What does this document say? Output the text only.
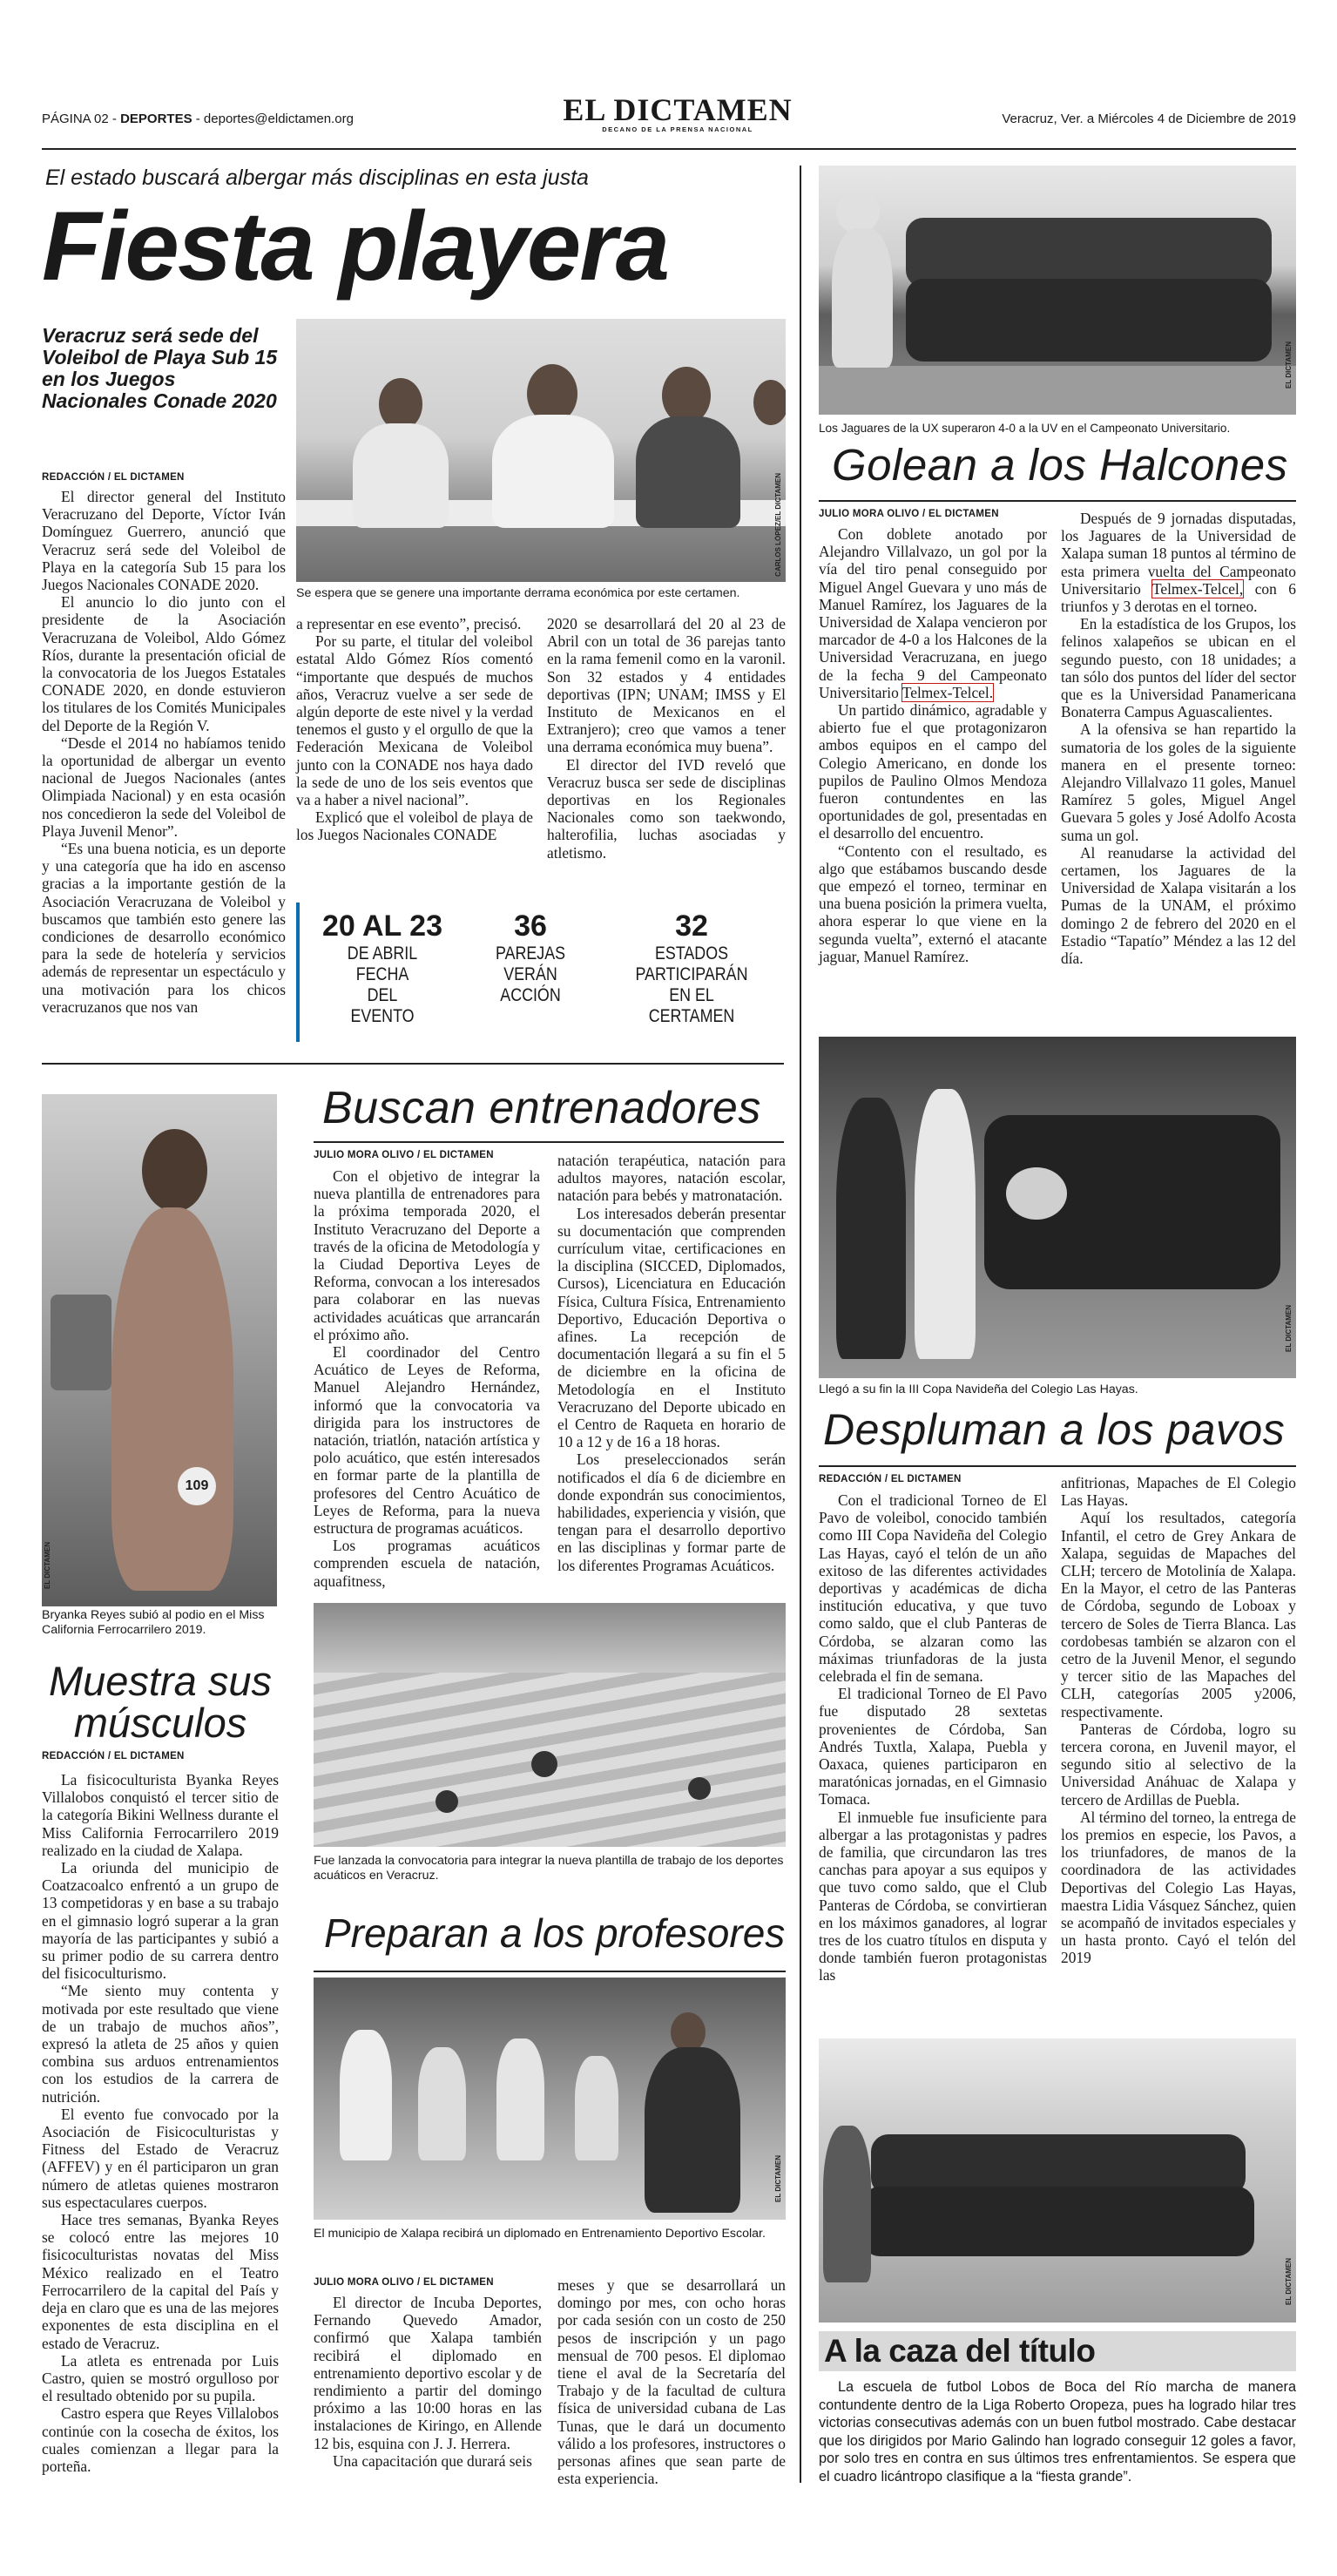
PÁGINA 02 - DEPORTES - deportes@eldictamen.org	EL DICTAMEN
DECANO DE LA PRENSA NACIONAL
Veracruz, Ver. a Miércoles 4 de Diciembre de 2019
El estado buscará albergar más disciplinas en esta justa
Fiesta playera
Veracruz será sede del Voleibol de Playa Sub 15 en los Juegos Nacionales Conade 2020
REDACCIÓN / EL DICTAMEN	CARLOS LÓPEZ/EL DICTAMEN
Se espera que se genere una importante derrama económica por este certamen.

El director general del Instituto Veracruzano del Deporte, Víctor Iván Domínguez Guerrero, anunció que Veracruz será sede del Voleibol de Playa en la categoría Sub 15 para los Juegos Nacionales CONADE 2020.

El anuncio lo dio junto con el presidente de la Asociación Veracruzana de Voleibol, Aldo Gómez Ríos, durante la presentación oficial de la convocatoria de los Juegos Estatales CONADE 2020, en donde estuvieron los titulares de los Comités Municipales del Deporte de la Región V.

“Desde el 2014 no habíamos tenido la oportunidad de albergar un evento nacional de Juegos Nacionales (antes Olimpiada Nacional) y en esta ocasión nos concedieron la sede del Voleibol de Playa Juvenil Menor”.

“Es una buena noticia, es un deporte y una categoría que ha ido en ascenso gracias a la importante gestión de la Asociación Veracruzana de Voleibol y buscamos que también esto genere las condiciones de desarrollo económico para la sede de hotelería y servicios además de representar un espectáculo y una motivación para los chicos veracruzanos que nos van

a representar en ese evento”, precisó.

Por su parte, el titular del voleibol estatal Aldo Gómez Ríos comentó “importante que después de muchos años, Veracruz vuelve a ser sede de algún deporte de este nivel y la verdad tenemos el gusto y el orgullo de que la Federación Mexicana de Voleibol junto con la CONADE nos haya dado la sede de uno de los seis eventos que va a haber a nivel nacional”.

Explicó que el voleibol de playa de los Juegos Nacionales CONADE

2020 se desarrollará del 20 al 23 de Abril con un total de 36 parejas tanto en la rama femenil como en la varonil. Son 32 estados y 4 entidades deportivas (IPN; UNAM; IMSS y El Instituto de Mexicanos en el Extranjero); creo que vamos a tener una derrama económica muy buena”.

El director del IVD reveló que Veracruz busca ser sede de disciplinas deportivas en los Regionales Nacionales como son taekwondo, halterofilia, luchas asociadas y atletismo.

20 AL 23
DE ABRIL FECHA DEL EVENTO
36
PAREJAS VERÁN ACCIÓN
32
ESTADOS PARTICIPARÁN EN EL CERTAMEN
EL DICTAMEN
Los Jaguares de la UX superaron 4-0 a la UV en el Campeonato Universitario.
Golean a los Halcones
JULIO MORA OLIVO / EL DICTAMEN

Con doblete anotado por Alejandro Villalvazo, un gol por la vía del tiro penal conseguido por Miguel Angel Guevara y uno más de Manuel Ramírez, los Jaguares de la Universidad de Xalapa vencieron por marcador de 4-0 a los Halcones de la Universidad Veracruzana, en juego de la fecha 9 del Campeonato Universitario Telmex-Telcel.

Un partido dinámico, agradable y abierto fue el que protagonizaron ambos equipos en el campo del Colegio Americano, en donde los pupilos de Paulino Olmos Mendoza fueron contundentes en las oportunidades de gol, presentadas en el desarrollo del encuentro.

“Contento con el resultado, es algo que estábamos buscando desde que empezó el torneo, terminar en una buena posición la primera vuelta, ahora esperar lo que viene en la segunda vuelta”, externó el atacante jaguar, Manuel Ramírez.

Después de 9 jornadas disputadas, los Jaguares de la Universidad de Xalapa suman 18 puntos al término de esta primera vuelta del Campeonato Universitario Telmex-Telcel, con 6 triunfos y 3 derotas en el torneo.

En la estadística de los Grupos, los felinos xalapeños se ubican en el segundo puesto, con 18 unidades; a tan sólo dos puntos del líder del sector que es la Universidad Panamericana Bonaterra Campus Aguascalientes.

A la ofensiva se han repartido la sumatoria de los goles de la siguiente manera en el presente torneo: Alejandro Villalvazo 11 goles, Manuel Ramírez 5 goles, Miguel Angel Guevara 5 goles y José Adolfo Acosta suma un gol.

Al reanudarse la actividad del certamen, los Jaguares de la Universidad de Xalapa visitarán a los Pumas de la UNAM, el próximo domingo 2 de febrero del 2020 en el Estadio “Tapatío” Méndez a las 12 del día.

109
EL DICTAMEN
Bryanka Reyes subió al podio en el Miss California Ferrocarrilero 2019.
Muestra sus músculos
REDACCIÓN / EL DICTAMEN

La fisicoculturista Byanka Reyes Villalobos conquistó el tercer sitio de la categoría Bikini Wellness durante el Miss California Ferrocarrilero 2019 realizado en la ciudad de Xalapa.

La oriunda del municipio de Coatzacoalco enfrentó a un grupo de 13 competidoras y en base a su trabajo en el gimnasio logró superar a la gran mayoría de las participantes y subió a su primer podio de su carrera dentro del fisicoculturismo.

“Me siento muy contenta y motivada por este resultado que viene de un trabajo de muchos años”, expresó la atleta de 25 años y quien combina sus arduos entrenamientos con los estudios de la carrera de nutrición.

El evento fue convocado por la Asociación de Fisicoculturistas y Fitness del Estado de Veracruz (AFFEV) y en él participaron un gran número de atletas quienes mostraron sus espectaculares cuerpos.

Hace tres semanas, Byanka Reyes se colocó entre las mejores 10 fisicoculturistas novatas del Miss México realizado en el Teatro Ferrocarrilero de la capital del País y deja en claro que es una de las mejores exponentes de esta disciplina en el estado de Veracruz.

La atleta es entrenada por Luis Castro, quien se mostró orgulloso por el resultado obtenido por su pupila.

Castro espera que Reyes Villalobos continúe con la cosecha de éxitos, los cuales comienzan a llegar para la porteña.

Buscan entrenadores
JULIO MORA OLIVO / EL DICTAMEN

Con el objetivo de integrar la nueva plantilla de entrenadores para la próxima temporada 2020, el Instituto Veracruzano del Deporte a través de la oficina de Metodología y la Ciudad Deportiva Leyes de Reforma, convocan a los interesados para colaborar en las nuevas actividades acuáticas que arrancarán el próximo año.

El coordinador del Centro Acuático de Leyes de Reforma, Manuel Alejandro Hernández, informó que la convocatoria va dirigida para los instructores de natación, triatlón, natación artística y polo acuático, que estén interesados en formar parte de la plantilla de profesores del Centro Acuático de Leyes de Reforma, para la nueva estructura de programas acuáticos.

Los programas acuáticos comprenden escuela de natación, aquafitness,

natación terapéutica, natación para adultos mayores, natación escolar, natación para bebés y matronatación.

Los interesados deberán presentar su documentación que comprenden currículum vitae, certificaciones en la disciplina (SICCED, Diplomados, Cursos), Licenciatura en Educación Física, Cultura Física, Entrenamiento Deportivo, Educación Deportiva o afines. La recepción de documentación llegará a su fin el 5 de diciembre en la oficina de Metodología en el Instituto Veracruzano del Deporte ubicado en el Centro de Raqueta en horario de 10 a 12 y de 16 a 18 horas.

Los preseleccionados serán notificados el día 6 de diciembre en donde expondrán sus conocimientos, habilidades, experiencia y visión, que tengan para el desarrollo deportivo en las disciplinas y formar parte de los diferentes Programas Acuáticos.

Fue lanzada la convocatoria para integrar la nueva plantilla de trabajo de los deportes acuáticos en Veracruz.
Preparan a los profesores
EL DICTAMEN
El municipio de Xalapa recibirá un diplomado en Entrenamiento Deportivo Escolar.
JULIO MORA OLIVO / EL DICTAMEN

El director de Incuba Deportes, Fernando Quevedo Amador, confirmó que Xalapa también recibirá el diplomado en entrenamiento deportivo escolar y de rendimiento a partir del domingo próximo a las 10:00 horas en las instalaciones de Kiringo, en Allende 12 bis, esquina con J. J. Herrera.

Una capacitación que durará seis

meses y que se desarrollará un domingo por mes, con ocho horas por cada sesión con un costo de 250 pesos de inscripción y un pago mensual de 700 pesos. El diplomao tiene el aval de la Secretaría del Trabajo y de la facultad de cultura física de universidad cubana de Las Tunas, que le dará un documento válido a los profesores, instructores o personas afines que sean parte de esta experiencia.

EL DICTAMEN
Llegó a su fin la III Copa Navideña del Colegio Las Hayas.
Despluman a los pavos
REDACCIÓN / EL DICTAMEN

Con el tradicional Torneo de El Pavo de voleibol, conocido también como III Copa Navideña del Colegio Las Hayas, cayó el telón de un año exitoso de las diferentes actividades deportivas y académicas de dicha institución educativa, y que tuvo como saldo, que el club Panteras de Córdoba, se alzaran como las máximas triunfadoras de la justa celebrada el fin de semana.

El tradicional Torneo de El Pavo fue disputado 28 sextetas provenientes de Córdoba, San Andrés Tuxtla, Xalapa, Puebla y Oaxaca, quienes participaron en maratónicas jornadas, en el Gimnasio Tomaca.

El inmueble fue insuficiente para albergar a las protagonistas y padres de familia, que circundaron las tres canchas para apoyar a sus equipos y que tuvo como saldo, que el Club Panteras de Córdoba, se convirtieran en los máximos ganadores, al lograr tres de los cuatro títulos en disputa y donde también fueron protagonistas las

anfitrionas, Mapaches de El Colegio Las Hayas.

Aquí los resultados, categoría Infantil, el cetro de Grey Ankara de Xalapa, seguidas de Mapaches del CLH; tercero de Motolinía de Xalapa. En la Mayor, el cetro de las Panteras de Córdoba, segundo de Loboax y tercero de Soles de Tierra Blanca. Las cordobesas también se alzaron con el cetro de la Juvenil Menor, el segundo y tercer sitio de las Mapaches del CLH, categorías 2005 y2006, respectivamente.

Panteras de Córdoba, logro su tercera corona, en Juvenil mayor, el segundo sitio al selectivo de la Universidad Anáhuac de Xalapa y tercero de Ardillas de Puebla.

Al término del torneo, la entrega de los premios en especie, los Pavos, a los triunfadores, de manos de la coordinadora de las actividades Deportivas del Colegio Las Hayas, maestra Lidia Vásquez Sánchez, quien se acompañó de invitados especiales y un hasta pronto. Cayó el telón del 2019

EL DICTAMEN
A la caza del título
La escuela de futbol Lobos de Boca del Río marcha de manera contundente dentro de la Liga Roberto Oropeza, pues ha logrado hilar tres victorias consecutivas además con un buen futbol mostrado. Cabe destacar que los dirigidos por Mario Galindo han logrado conseguir 12 goles a favor, por solo tres en contra en sus últimos tres enfrentamientos. Se espera que el cuadro licántropo clasifique a la “fiesta grande”.
